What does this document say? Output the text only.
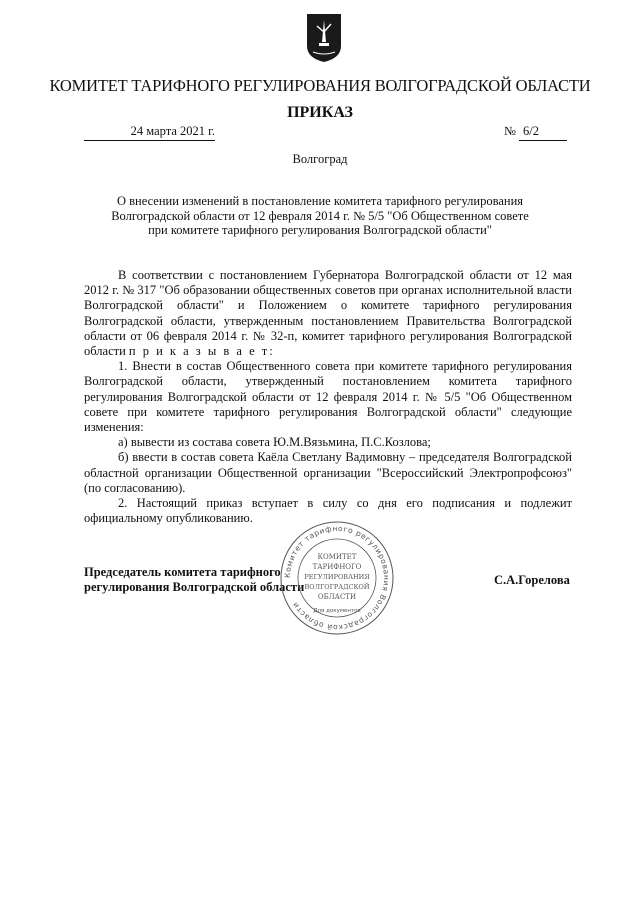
КОМИТЕТ ТАРИФНОГО РЕГУЛИРОВАНИЯ ВОЛГОГРАДСКОЙ ОБЛАСТИ
ПРИКАЗ
24 марта 2021 г.	№ 6/2
Волгоград
О внесении изменений в постановление комитета тарифного регулирования
Волгоградской области от 12 февраля 2014 г. № 5/5 "Об Общественном совете
при комитете тарифного регулирования Волгоградской области"

В соответствии с постановлением Губернатора Волгоградской области от 12 мая 2012 г. № 317 "Об образовании общественных советов при органах исполнительной власти Волгоградской области" и Положением о комитете тарифного регулирования Волгоградской области, утвержденным постановлением Правительства Волгоградской области от 06 февраля 2014 г. № 32-п, комитет тарифного регулирования Волгоградской области п р и к а з ы в а е т:

1. Внести в состав Общественного совета при комитете тарифного регулирования Волгоградской области, утвержденный постановлением комитета тарифного регулирования Волгоградской области от 12 февраля 2014 г. № 5/5 "Об Общественном совете при комитете тарифного регулирования Волгоградской области" следующие изменения:

а) вывести из состава совета Ю.М.Вязьмина, П.С.Козлова;

б) ввести в состав совета Каёла Светлану Вадимовну – председателя Волгоградской областной организации Общественной организации "Всероссийский Электропрофсоюз" (по согласованию).

2. Настоящий приказ вступает в силу со дня его подписания и подлежит официальному опубликованию.

Председатель комитета тарифного
регулирования Волгоградской области	С.А.Горелова
Комитет тарифного регулирования Волгоградской области
КОМИТЕТ
ТАРИФНОГО
РЕГУЛИРОВАНИЯ
ВОЛГОГРАДСКОЙ
ОБЛАСТИ
Для документов
